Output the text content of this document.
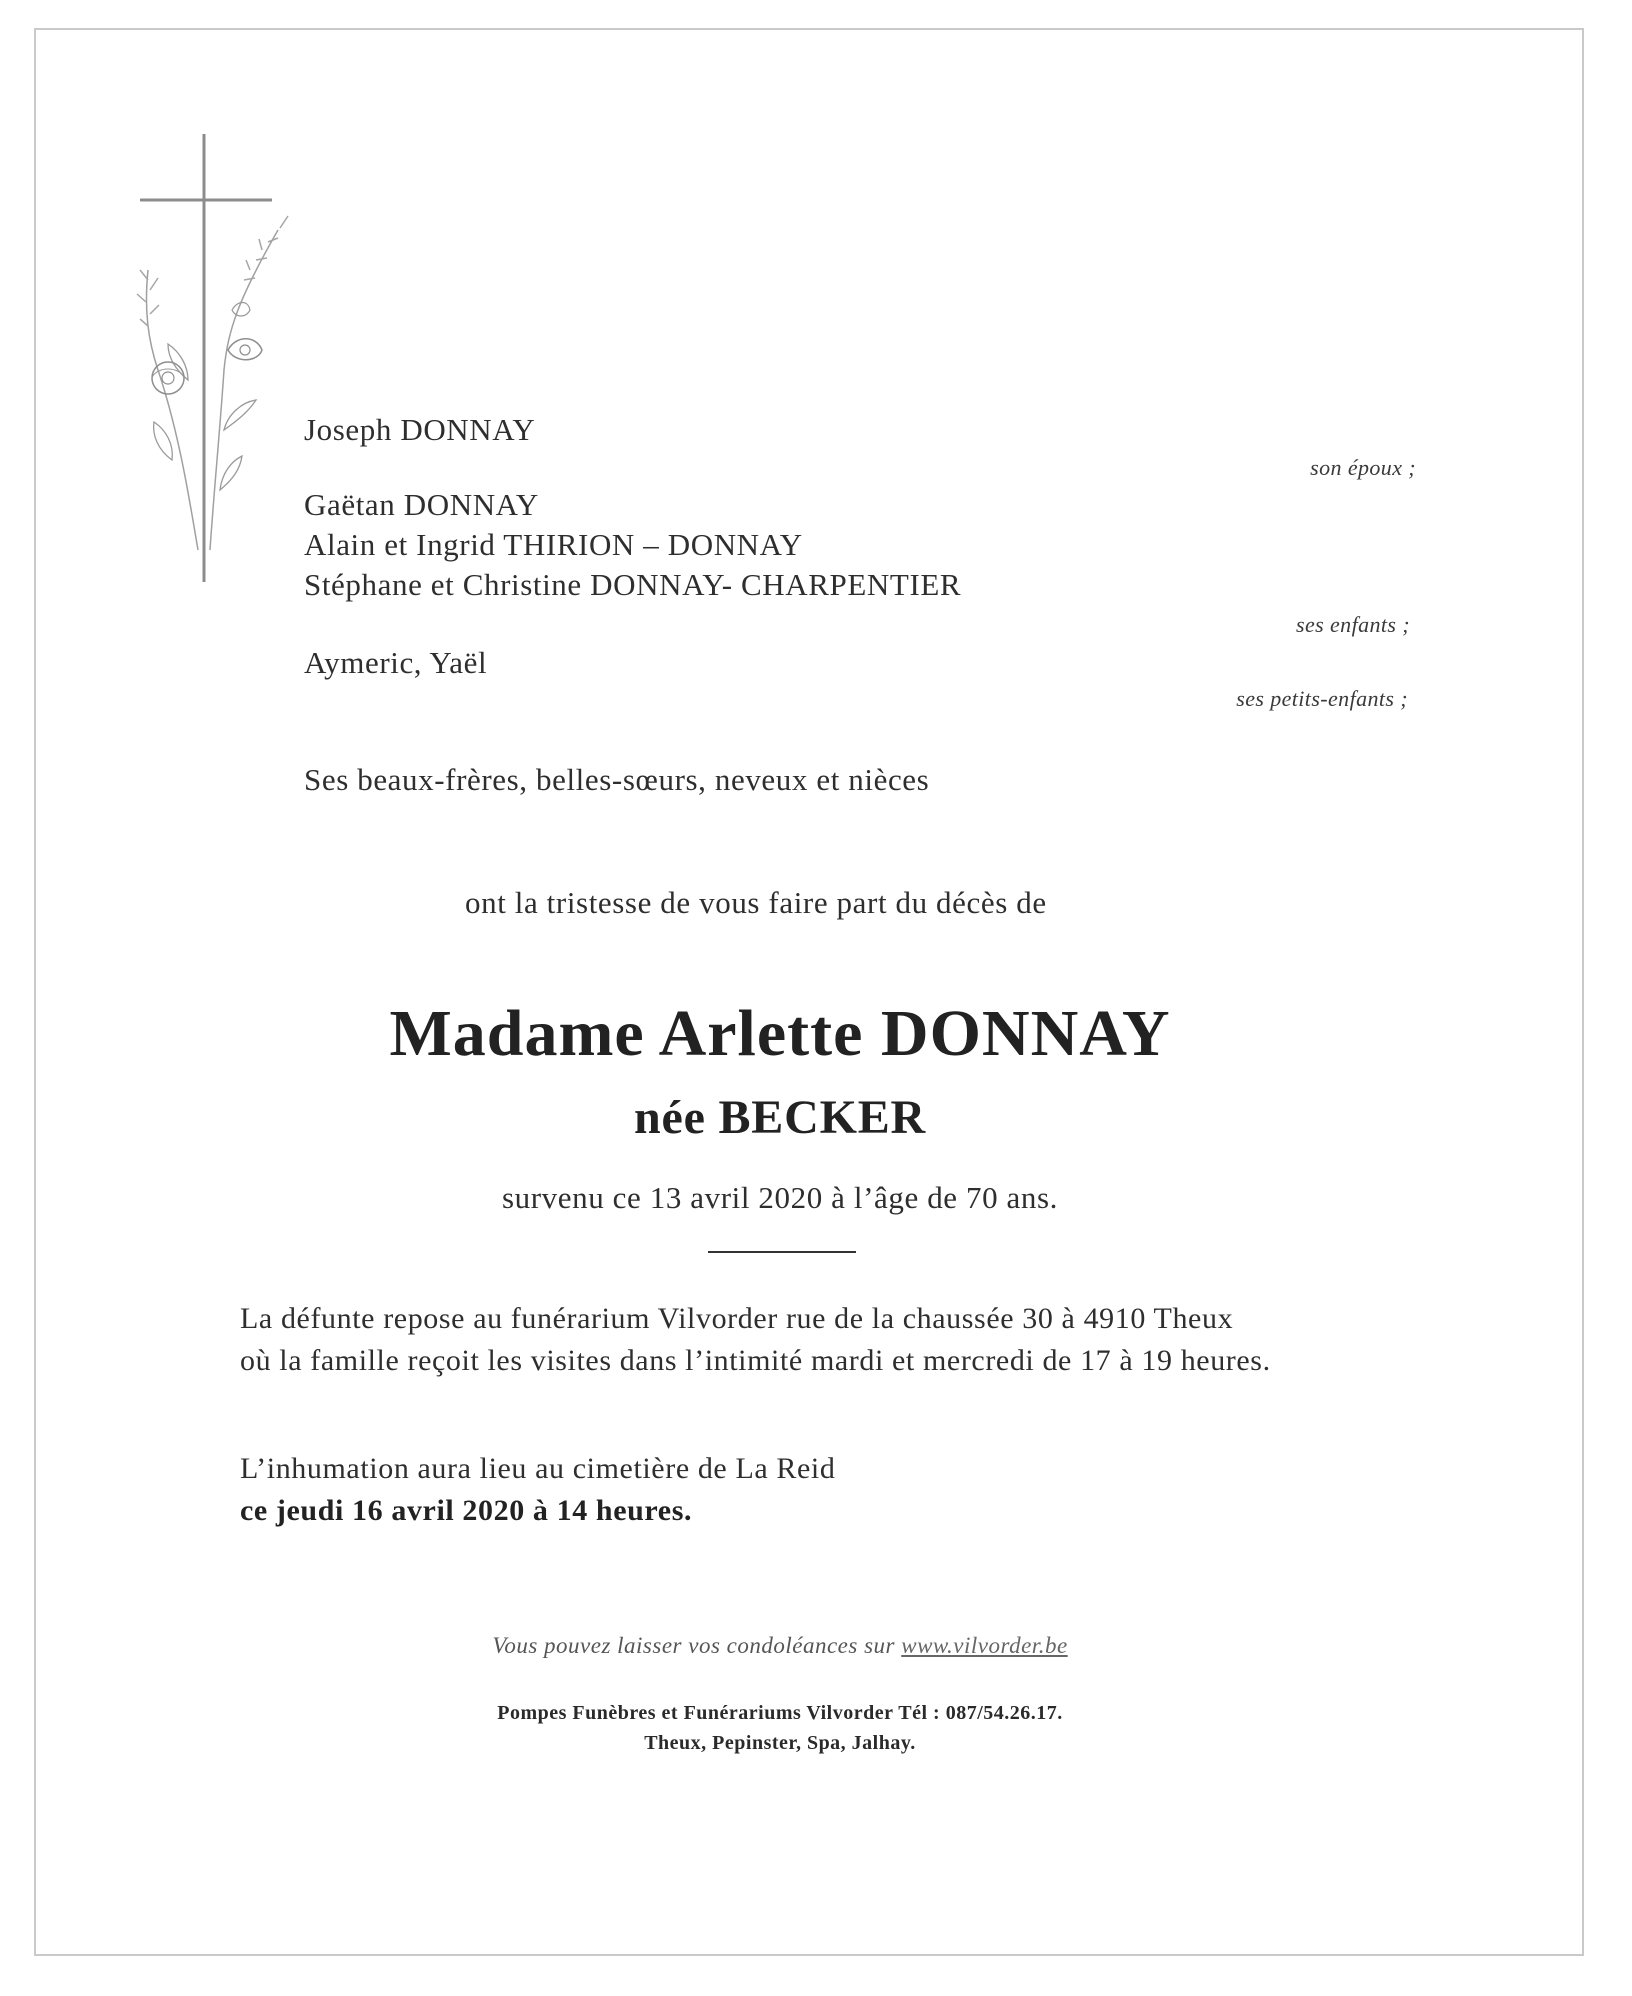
Joseph DONNAY
son époux ;
Gaëtan DONNAY
Alain et Ingrid THIRION – DONNAY
Stéphane et Christine DONNAY- CHARPENTIER
ses enfants ;
Aymeric, Yaël
ses petits-enfants ;
Ses beaux-frères, belles-sœurs, neveux et nièces
ont la tristesse de vous faire part du décès de
Madame Arlette DONNAY
née BECKER
survenu ce 13 avril 2020 à l’âge de 70 ans.
La défunte repose au funérarium Vilvorder rue de la chaussée 30 à 4910 Theux
où la famille reçoit les visites dans l’intimité mardi et mercredi de 17 à 19 heures.
L’inhumation aura lieu au cimetière de La Reid
ce jeudi 16 avril 2020 à 14 heures.
Vous pouvez laisser vos condoléances sur www.vilvorder.be
Pompes Funèbres et Funérariums Vilvorder Tél : 087/54.26.17.
Theux, Pepinster, Spa, Jalhay.
